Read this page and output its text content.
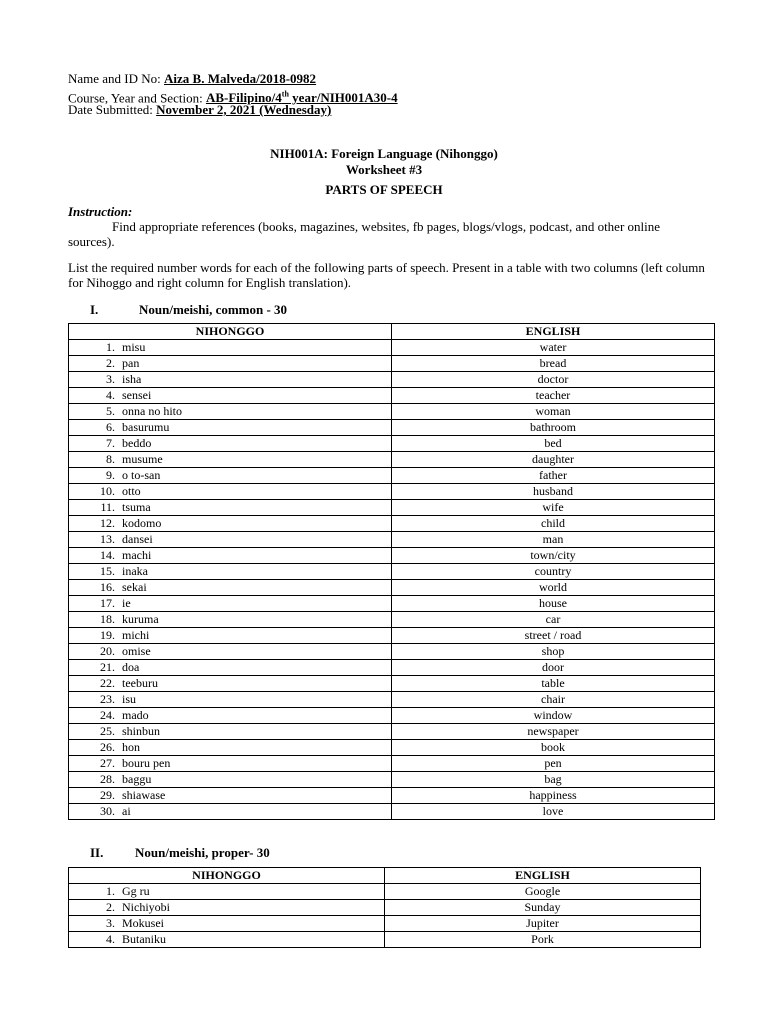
Name and ID No: Aiza B. Malveda/2018-0982
Course, Year and Section: AB-Filipino/4th year/NIH001A30-4
Date Submitted: November 2, 2021 (Wednesday)
NIH001A: Foreign Language (Nihonggo)
Worksheet #3
PARTS OF SPEECH
Instruction:
Find appropriate references (books, magazines, websites, fb pages, blogs/vlogs, podcast, and other online sources).
List the required number words for each of the following parts of speech. Present in a table with two columns (left column for Nihoggo and right column for English translation).
I.	Noun/meishi, common - 30
NIHONGGO	ENGLISH
1. misu	water
2. pan	bread
3. isha	doctor
4. sensei	teacher
5. onna no hito	woman
6. basurumu	bathroom
7. beddo	bed
8. musume	daughter
9. o to-san	father
10. otto	husband
11. tsuma	wife
12. kodomo	child
13. dansei	man
14. machi	town/city
15. inaka	country
16. sekai	world
17. ie	house
18. kuruma	car
19. michi	street / road
20. omise	shop
21. doa	door
22. teeburu	table
23. isu	chair
24. mado	window
25. shinbun	newspaper
26. hon	book
27. bouru pen	pen
28. baggu	bag
29. shiawase	happiness
30. ai	love
II. Noun/meishi, proper- 30
NIHONGGO	ENGLISH
1. Gg ru	Google
2. Nichiyobi	Sunday
3. Mokusei	Jupiter
4. Butaniku	Pork
